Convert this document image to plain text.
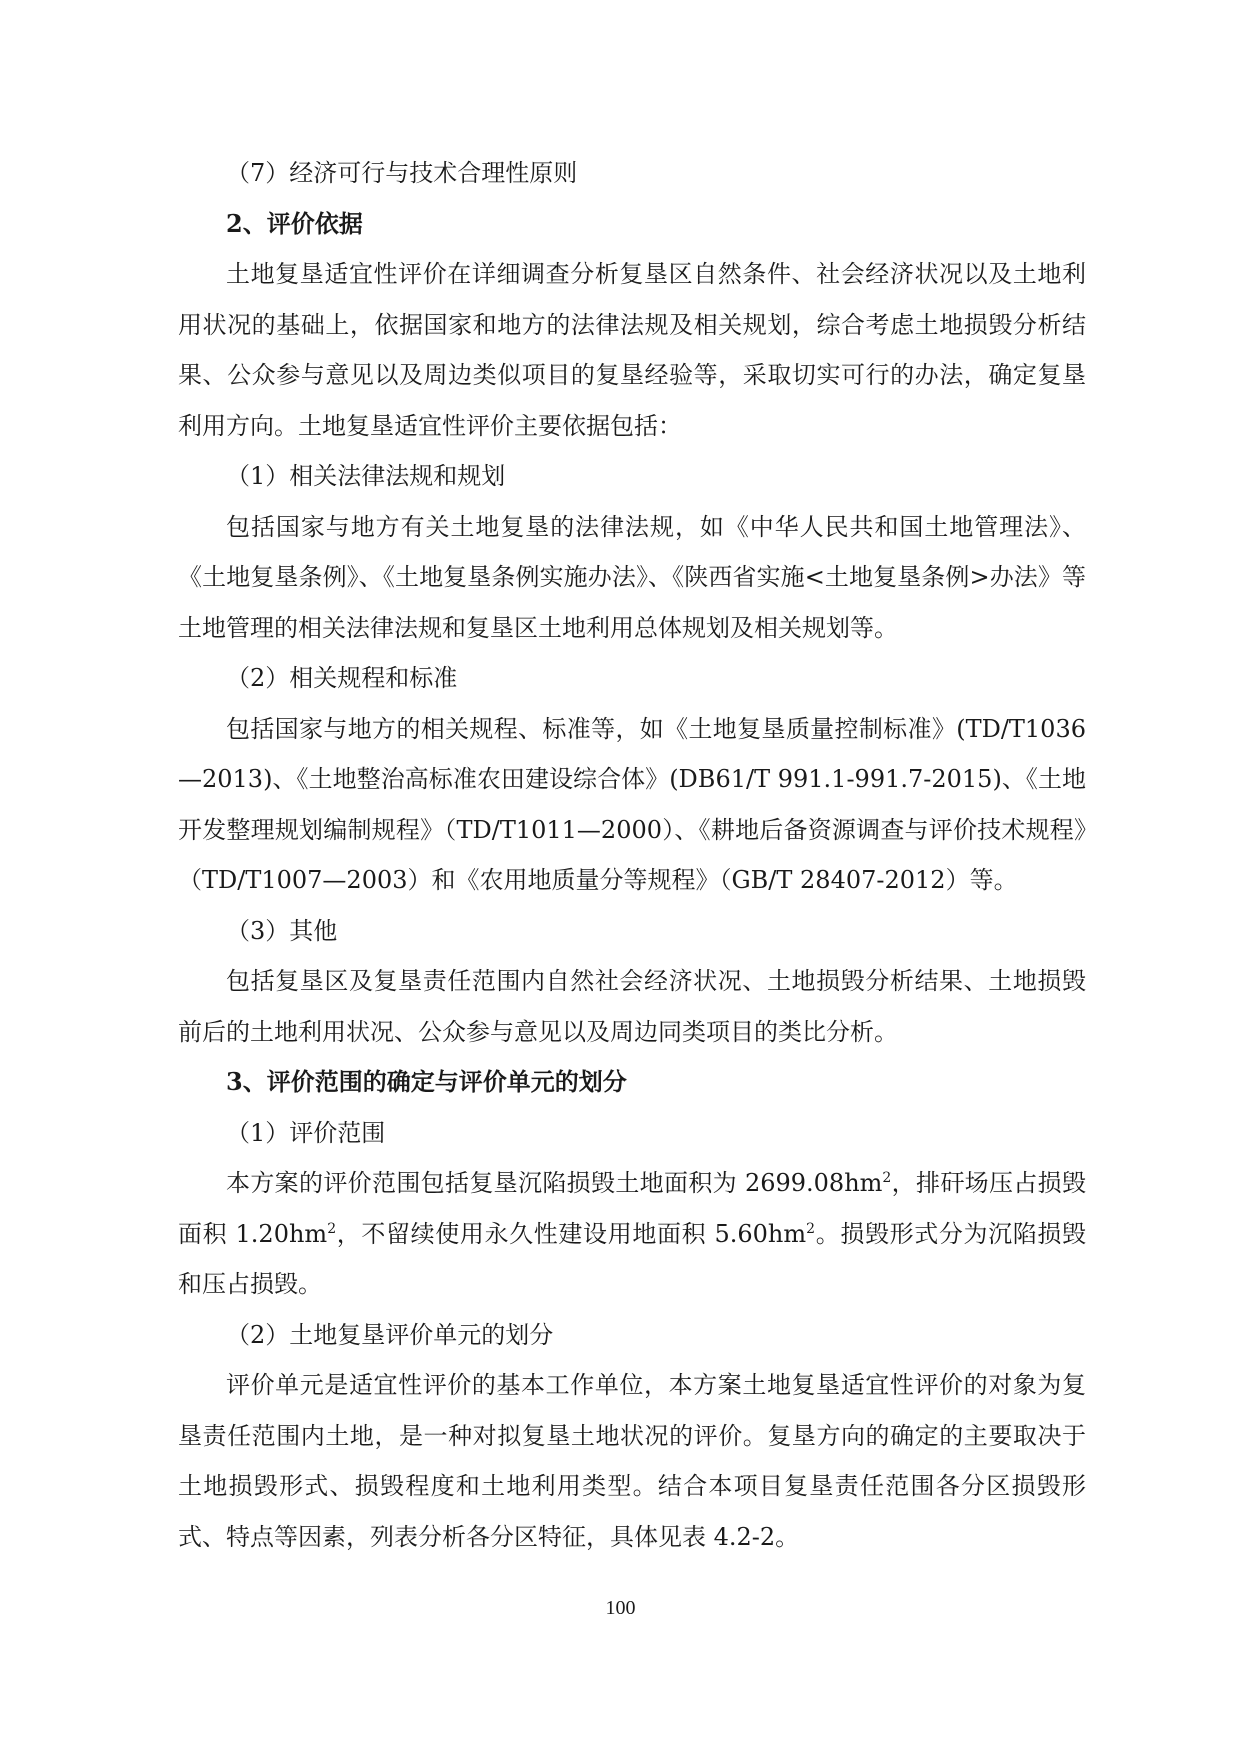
（7）经济可行与技术合理性原则

2、评价依据

土地复垦适宜性评价在详细调查分析复垦区自然条件、社会经济状况以及土地利用状况的基础上，依据国家和地方的法律法规及相关规划，综合考虑土地损毁分析结果、公众参与意见以及周边类似项目的复垦经验等，采取切实可行的办法，确定复垦利用方向。土地复垦适宜性评价主要依据包括：

（1）相关法律法规和规划

包括国家与地方有关土地复垦的法律法规，如《中华人民共和国土地管理法》、《土地复垦条例》、《土地复垦条例实施办法》、《陕西省实施<土地复垦条例>办法》等土地管理的相关法律法规和复垦区土地利用总体规划及相关规划等。

（2）相关规程和标准

包括国家与地方的相关规程、标准等，如《土地复垦质量控制标准》(TD/T1036—2013)、《土地整治高标准农田建设综合体》(DB61/T 991.1-991.7-2015)、《土地开发整理规划编制规程》（TD/T1011—2000）、《耕地后备资源调查与评价技术规程》（TD/T1007—2003）和《农用地质量分等规程》（GB/T 28407-2012）等。

（3）其他

包括复垦区及复垦责任范围内自然社会经济状况、土地损毁分析结果、土地损毁前后的土地利用状况、公众参与意见以及周边同类项目的类比分析。

3、评价范围的确定与评价单元的划分

（1）评价范围

本方案的评价范围包括复垦沉陷损毁土地面积为 $2699.08hm^2$，排矸场压占损毁面积 $1.20hm^2$，不留续使用永久性建设用地面积 $5.60hm^2$。损毁形式分为沉陷损毁和压占损毁。

（2）土地复垦评价单元的划分

评价单元是适宜性评价的基本工作单位，本方案土地复垦适宜性评价的对象为复垦责任范围内土地，是一种对拟复垦土地状况的评价。复垦方向的确定的主要取决于土地损毁形式、损毁程度和土地利用类型。结合本项目复垦责任范围各分区损毁形式、特点等因素，列表分析各分区特征，具体见表 4.2-2。

100
